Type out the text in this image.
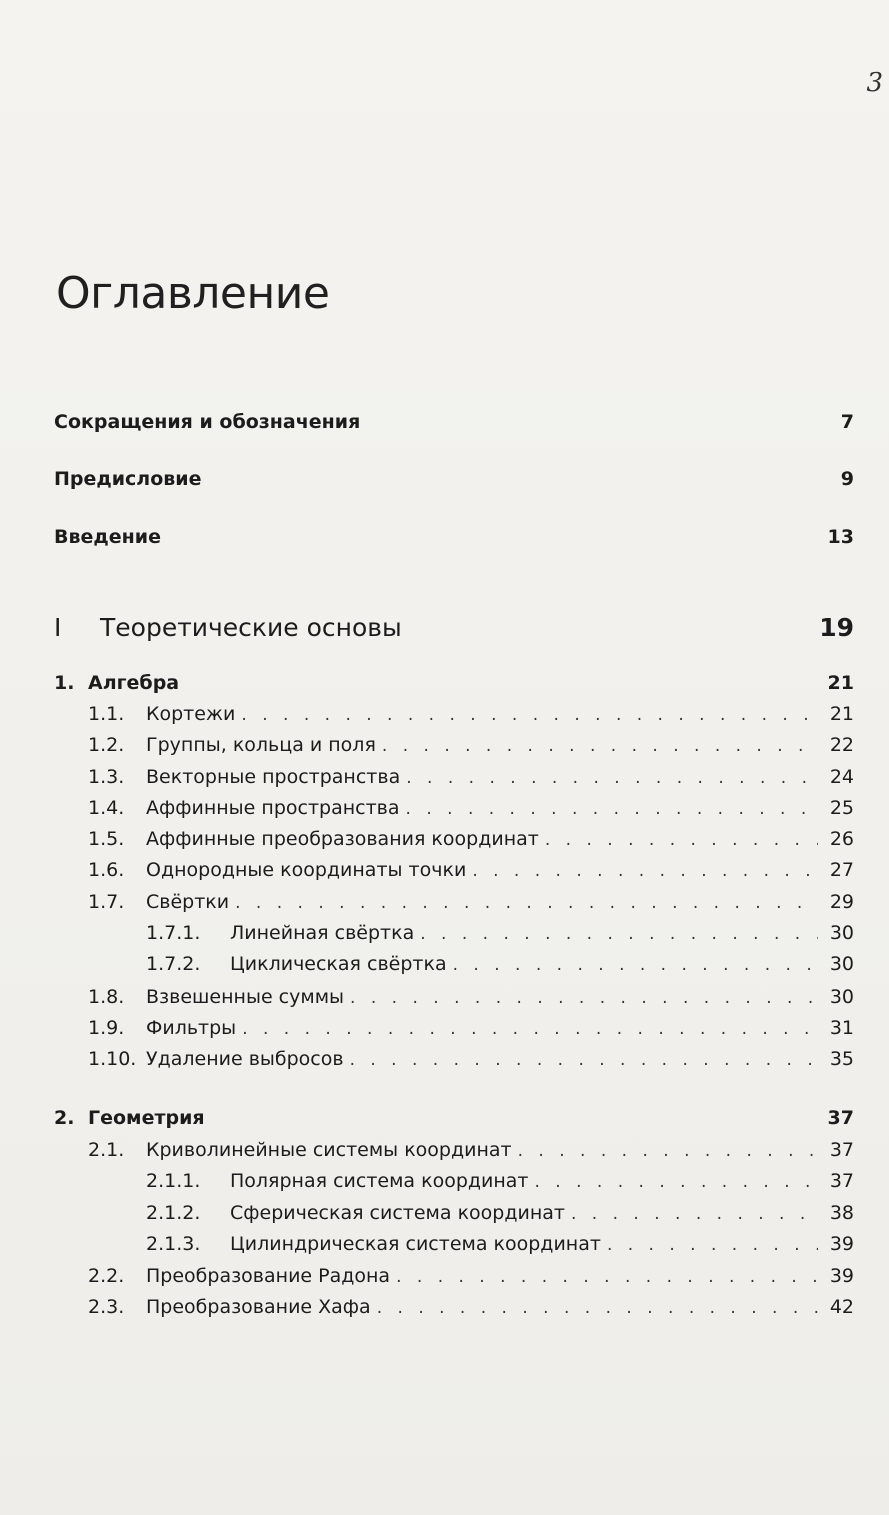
3
Оглавление
Сокращения и обозначения	7
Предисловие	9
Введение	13
I	Теоретические основы	19
1. Алгебра	21
1.1.	Кортежи . . .	21
1.2.	Группы, кольца и поля . . .	22
1.3.	Векторные пространства . . .	24
1.4.	Аффинные пространства . . .	25
1.5.	Аффинные преобразования координат . . .	26
1.6.	Однородные координаты точки . . .	27
1.7.	Свёртки . . .	29
1.7.1.	Линейная свёртка . . .	30
1.7.2.	Циклическая свёртка . . .	30
1.8.	Взвешенные суммы . . .	30
1.9.	Фильтры . . .	31
1.10. Удаление выбросов . . .	35
2. Геометрия	37
2.1.	Криволинейные системы координат . . .	37
2.1.1.	Полярная система координат . . .	37
2.1.2.	Сферическая система координат . . .	38
2.1.3.	Цилиндрическая система координат . . .	39
2.2.	Преобразование Радона . . .	39
2.3.	Преобразование Хафа . . .	42
